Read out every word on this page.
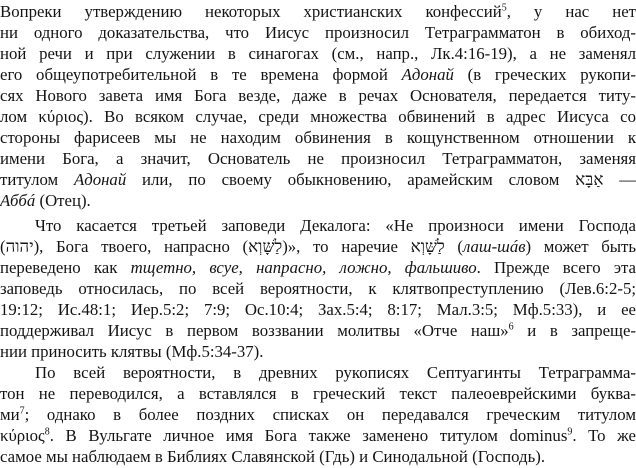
Вопреки утверждению некоторых христианских конфессий$^5$, у нас нет
ни одного доказательства, что Иисус произносил Тетраграмматон в обиход-
ной речи и при служении в синагогах (см., напр., Лк.4:16-19), а не заменял
его общеупотребительной в те времена формой Адонай (в греческих рукопи-
сях Нового завета имя Бога везде, даже в речах Основателя, передается титу-
лом κύριος). Во всяком случае, среди множества обвинений в адрес Иисуса со
стороны фарисеев мы не находим обвинения в кощунственном отношении к
имени Бога, а значит, Основатель не произносил Тетраграмматон, заменяя
титулом Адонай или, по своему обыкновению, арамейским словом אַבָּא —
Аббá (Отец).
Что касается третьей заповеди Декалога: «Не произноси имени Господа
(יהוה), Бога твоего, напрасно (לַשָּׁוְא)», то наречие לַשָּׁוְא (лаш-шáв) может быть
переведено как тщетно, всуе, напрасно, ложно, фальшиво. Прежде всего эта
заповедь относилась, по всей вероятности, к клятвопреступлению (Лев.6:2-5;
19:12; Ис.48:1; Иер.5:2; 7:9; Ос.10:4; Зах.5:4; 8:17; Мал.3:5; Мф.5:33), и ее
поддерживал Иисус в первом воззвании молитвы «Отче наш»$^6$ и в запреще-
нии приносить клятвы (Мф.5:34-37).
По всей вероятности, в древних рукописях Септуагинты Тетраграмма-
тон не переводился, а вставлялся в греческий текст палеоеврейскими буква-
$ми^7$; однако в более поздних списках он передавался греческим титулом
κύριος$^8$. В Вульгате личное имя Бога также заменено титулом dominus$^9$. То же
самое мы наблюдаем в Библиях Славянской (Гдь) и Синодальной (Господь).
